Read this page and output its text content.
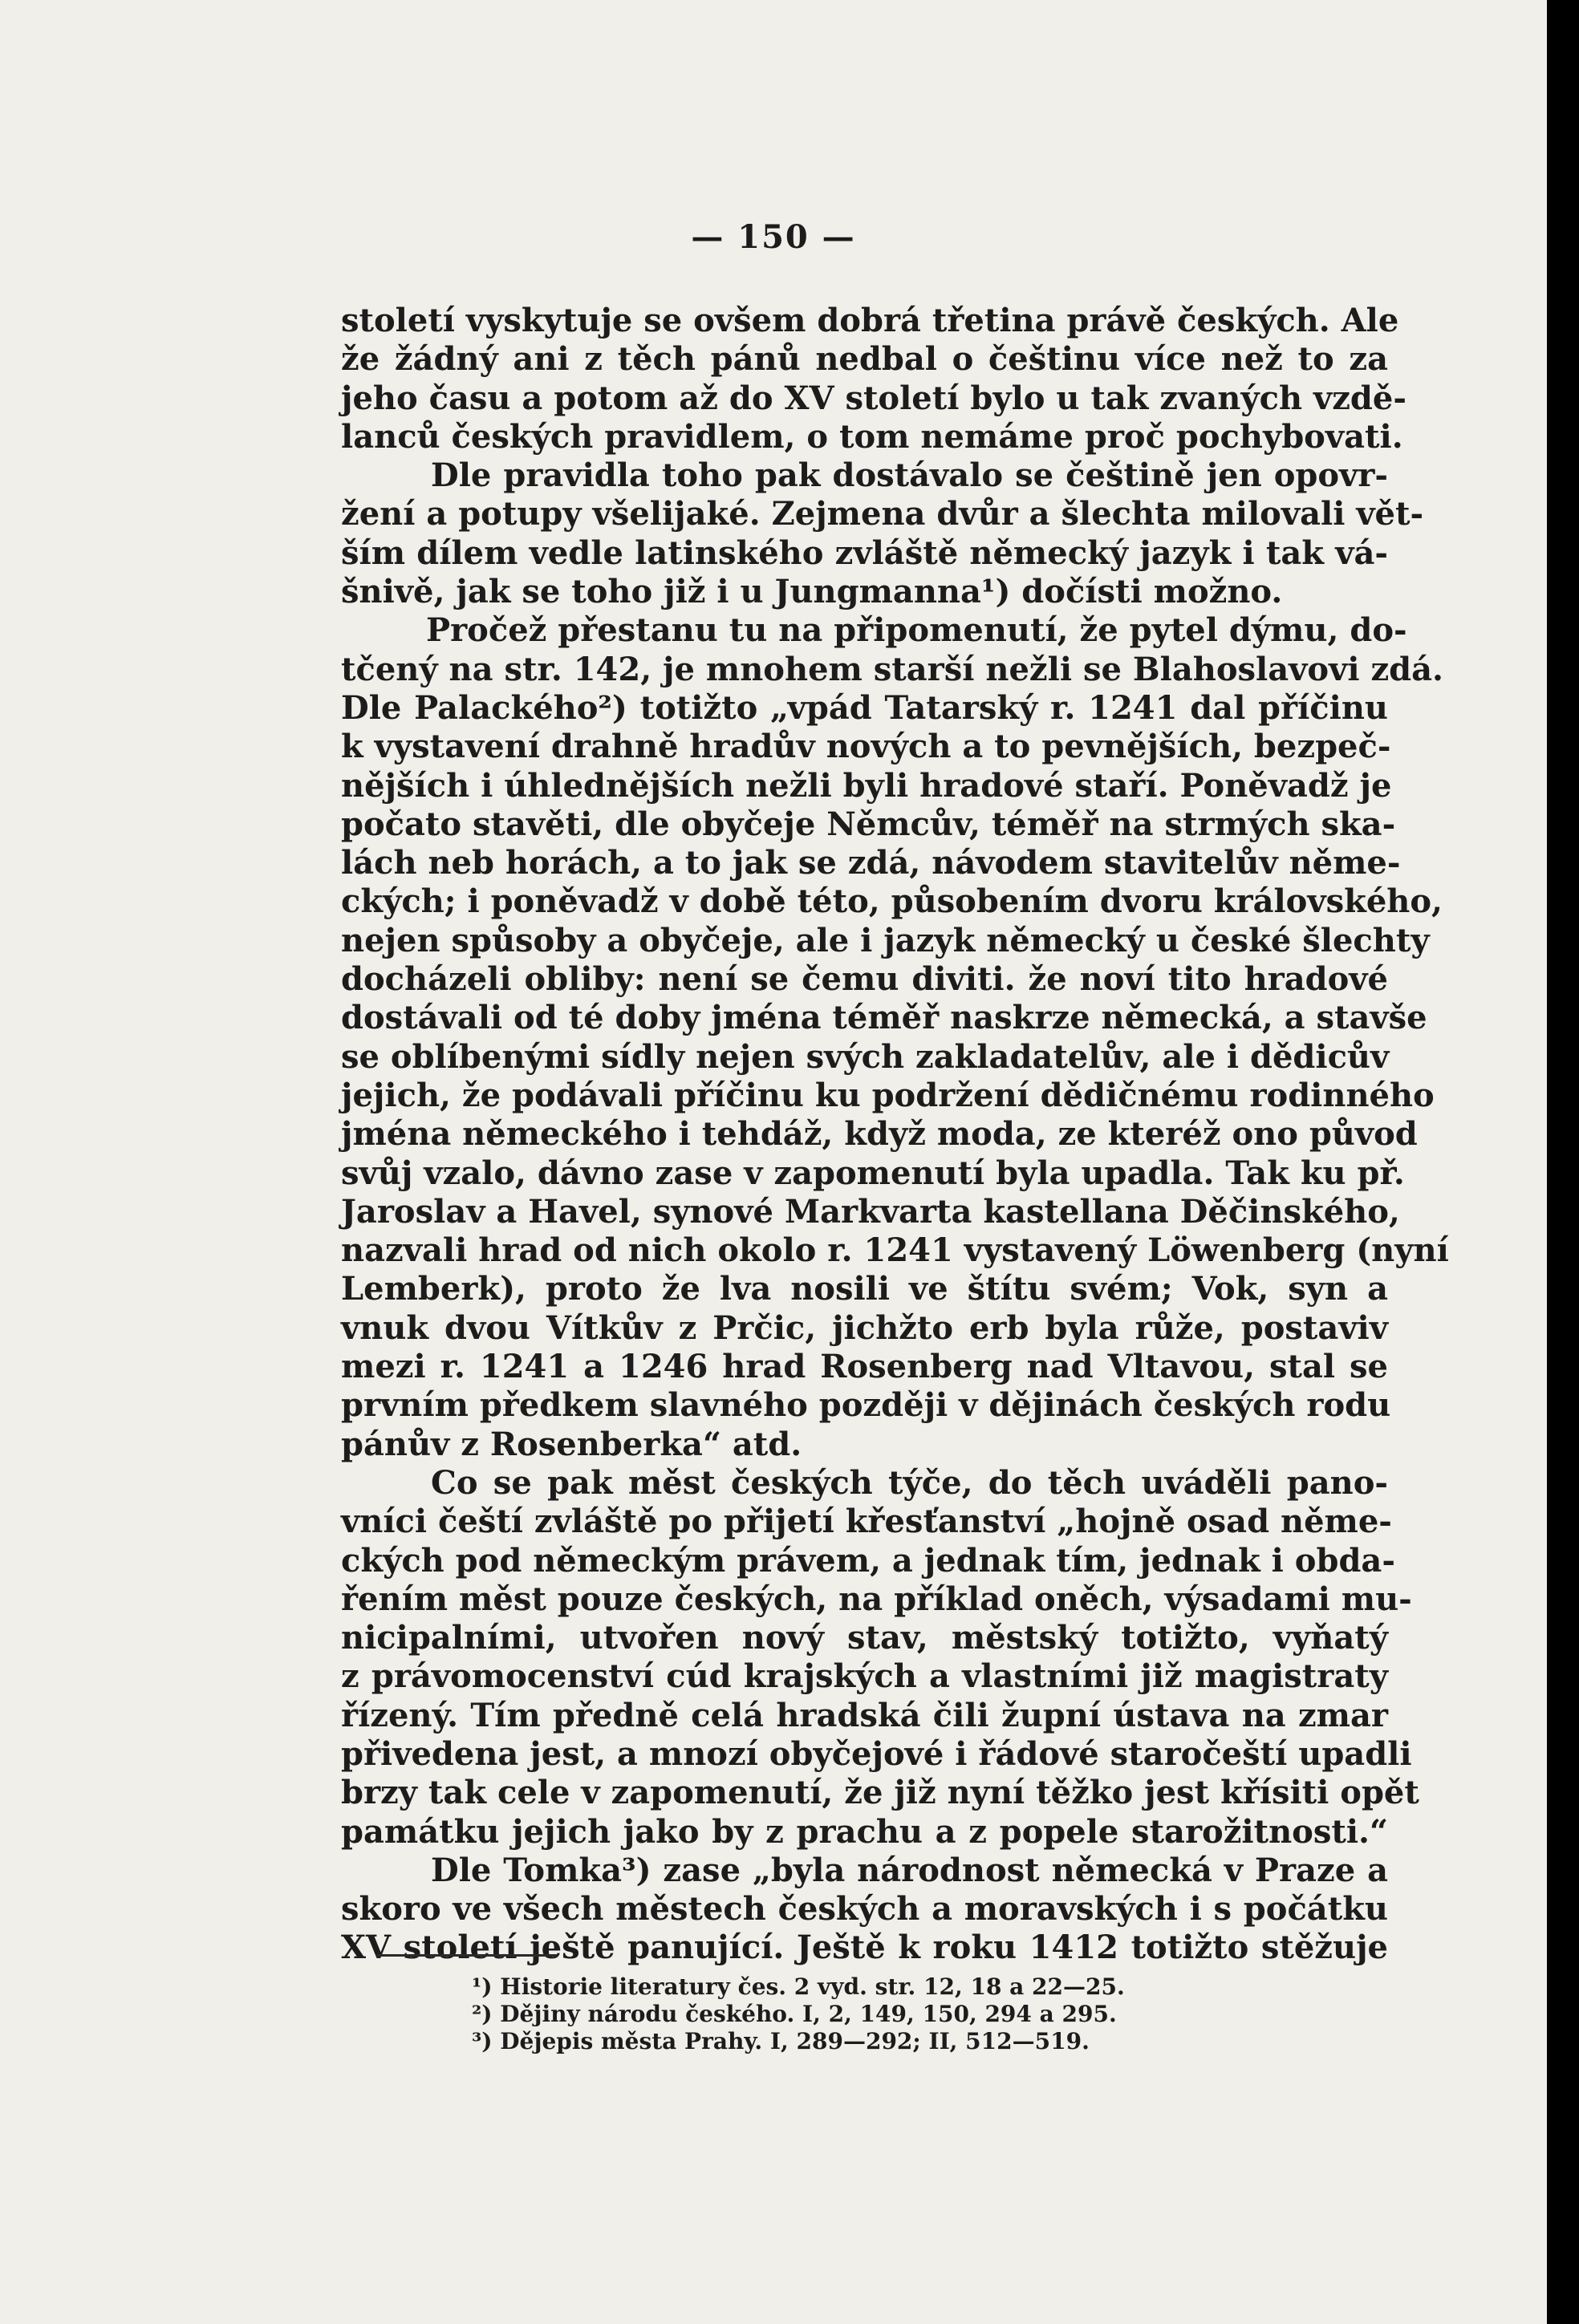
— 150 —
století vyskytuje se ovšem dobrá třetina právě českých. Ale
že žádný ani z těch pánů nedbal o češtinu více než to za
jeho času a potom až do XV století bylo u tak zvaných vzdě-
lanců českých pravidlem, o tom nemáme proč pochybovati.
Dle pravidla toho pak dostávalo se češtině jen opovr-
žení a potupy všelijaké. Zejmena dvůr a šlechta milovali vět-
ším dílem vedle latinského zvláště německý jazyk i tak vá-
šnivě, jak se toho již i u Jungmanna¹) dočísti možno.
Pročež přestanu tu na připomenutí, že pytel dýmu, do-
tčený na str. 142, je mnohem starší nežli se Blahoslavovi zdá.
Dle Palackého²) totižto „vpád Tatarský r. 1241 dal příčinu
k vystavení drahně hradův nových a to pevnějších, bezpeč-
nějších i úhlednějších nežli byli hradové staří. Poněvadž je
počato stavěti, dle obyčeje Němcův, téměř na strmých ska-
lách neb horách, a to jak se zdá, návodem stavitelův něme-
ckých; i poněvadž v době této, působením dvoru královského,
nejen spůsoby a obyčeje, ale i jazyk německý u české šlechty
docházeli obliby: není se čemu diviti. že noví tito hradové
dostávali od té doby jména téměř naskrze německá, a stavše
se oblíbenými sídly nejen svých zakladatelův, ale i dědicův
jejich, že podávali příčinu ku podržení dědičnému rodinného
jména německého i tehdáž, když moda, ze kteréž ono původ
svůj vzalo, dávno zase v zapomenutí byla upadla. Tak ku př.
Jaroslav a Havel, synové Markvarta kastellana Děčinského,
nazvali hrad od nich okolo r. 1241 vystavený Löwenberg (nyní
Lemberk), proto že lva nosili ve štítu svém; Vok, syn a
vnuk dvou Vítkův z Prčic, jichžto erb byla růže, postaviv
mezi r. 1241 a 1246 hrad Rosenberg nad Vltavou, stal se
prvním předkem slavného později v dějinách českých rodu
pánův z Rosenberka“ atd.
Co se pak měst českých týče, do těch uváděli pano-
vníci čeští zvláště po přijetí křesťanství „hojně osad něme-
ckých pod německým právem, a jednak tím, jednak i obda-
řením měst pouze českých, na příklad oněch, výsadami mu-
nicipalními, utvořen nový stav, městský totižto, vyňatý
z právomocenství cúd krajských a vlastními již magistraty
řízený. Tím předně celá hradská čili župní ústava na zmar
přivedena jest, a mnozí obyčejové i řádové staročeští upadli
brzy tak cele v zapomenutí, že již nyní těžko jest křísiti opět
památku jejich jako by z prachu a z popele starožitnosti.“
Dle Tomka³) zase „byla národnost německá v Praze a
skoro ve všech městech českých a moravských i s počátku
XV století ještě panující. Ještě k roku 1412 totižto stěžuje
¹) Historie literatury čes. 2 vyd. str. 12, 18 a 22—25.
²) Dějiny národu českého. I, 2, 149, 150, 294 a 295.
³) Dějepis města Prahy. I, 289—292; II, 512—519.
